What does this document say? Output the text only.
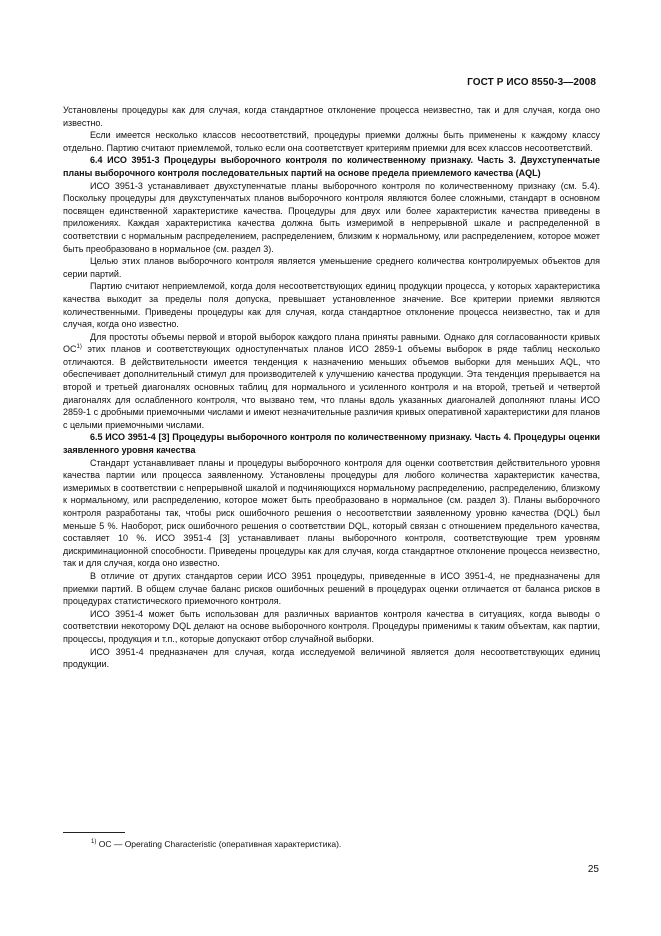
ГОСТ Р ИСО 8550-3—2008

Установлены процедуры как для случая, когда стандартное отклонение процесса неизвестно, так и для случая, когда оно известно.

Если имеется несколько классов несоответствий, процедуры приемки должны быть применены к каждому классу отдельно. Партию считают приемлемой, только если она соответствует критериям приемки для всех классов несоответствий.

6.4 ИСО 3951-3 Процедуры выборочного контроля по количественному признаку. Часть 3. Двухступенчатые планы выборочного контроля последовательных партий на основе предела приемлемого качества (AQL)

ИСО 3951-3 устанавливает двухступенчатые планы выборочного контроля по количественному признаку (см. 5.4). Поскольку процедуры для двухступенчатых планов выборочного контроля являются более сложными, стандарт в основном посвящен единственной характеристике качества. Процедуры для двух или более характеристик качества приведены в приложениях. Каждая характеристика качества должна быть измеримой в непрерывной шкале и распределенной в соответствии с нормальным распределением, распределением, близким к нормальному, или распределением, которое может быть преобразовано в нормальное (см. раздел 3).

Целью этих планов выборочного контроля является уменьшение среднего количества контролируемых объектов для серии партий.

Партию считают неприемлемой, когда доля несоответствующих единиц продукции процесса, у которых характеристика качества выходит за пределы поля допуска, превышает установленное значение. Все критерии приемки являются количественными. Приведены процедуры как для случая, когда стандартное отклонение процесса неизвестно, так и для случая, когда оно известно.

Для простоты объемы первой и второй выборок каждого плана приняты равными. Однако для согласованности кривых ОС$^{1)}$ этих планов и соответствующих одноступенчатых планов ИСО 2859-1 объемы выборок в ряде таблиц несколько отличаются. В действительности имеется тенденция к назначению меньших объемов выборки для меньших AQL, что обеспечивает дополнительный стимул для производителей к улучшению качества продукции. Эта тенденция прерывается на второй и третьей диагоналях основных таблиц для нормального и усиленного контроля и на второй, третьей и четвертой диагоналях для ослабленного контроля, что вызвано тем, что планы вдоль указанных диагоналей дополняют планы ИСО 2859-1 с дробными приемочными числами и имеют незначительные различия кривых оперативной характеристики для планов с целыми приемочными числами.

6.5 ИСО 3951-4 [3] Процедуры выборочного контроля по количественному признаку. Часть 4. Процедуры оценки заявленного уровня качества

Стандарт устанавливает планы и процедуры выборочного контроля для оценки соответствия действительного уровня качества партии или процесса заявленному. Установлены процедуры для любого количества характеристик качества, измеримых в соответствии с непрерывной шкалой и подчиняющихся нормальному распределению, распределению, близкому к нормальному, или распределению, которое может быть преобразовано в нормальное (см. раздел 3). Планы выборочного контроля разработаны так, чтобы риск ошибочного решения о несоответствии заявленному уровню качества (DQL) был меньше 5 %. Наоборот, риск ошибочного решения о соответствии DQL, который связан с отношением предельного качества, составляет 10 %. ИСО 3951-4 [3] устанавливает планы выборочного контроля, соответствующие трем уровням дискриминационной способности. Приведены процедуры как для случая, когда стандартное отклонение процесса неизвестно, так и для случая, когда оно известно.

В отличие от других стандартов серии ИСО 3951 процедуры, приведенные в ИСО 3951-4, не предназначены для приемки партий. В общем случае баланс рисков ошибочных решений в процедурах оценки отличается от баланса рисков в процедурах статистического приемочного контроля.

ИСО 3951-4 может быть использован для различных вариантов контроля качества в ситуациях, когда выводы о соответствии некоторому DQL делают на основе выборочного контроля. Процедуры применимы к таким объектам, как партии, процессы, продукция и т.п., которые допускают отбор случайной выборки.

ИСО 3951-4 предназначен для случая, когда исследуемой величиной является доля несоответствующих единиц продукции.

$^{1)}$ ОС — Operating Characteristic (оперативная характеристика).
25
